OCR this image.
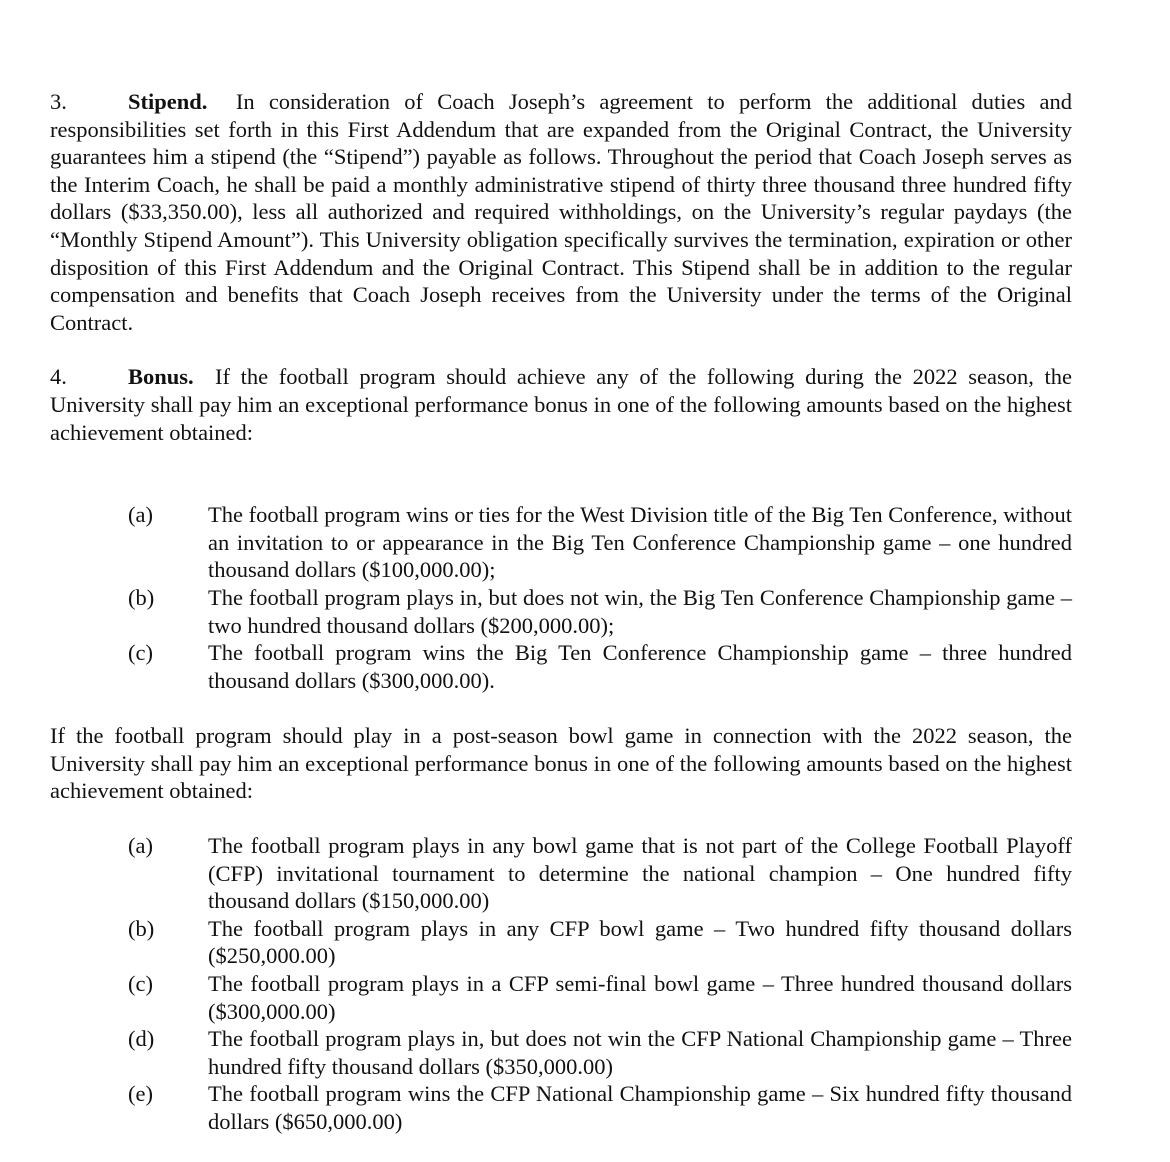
3.	Stipend. In consideration of Coach Joseph’s agreement to perform the additional duties and responsibilities set forth in this First Addendum that are expanded from the Original Contract, the University guarantees him a stipend (the “Stipend”) payable as follows. Throughout the period that Coach Joseph serves as the Interim Coach, he shall be paid a monthly administrative stipend of thirty three thousand three hundred fifty dollars ($33,350.00), less all authorized and required withholdings, on the University’s regular paydays (the “Monthly Stipend Amount”). This University obligation specifically survives the termination, expiration or other disposition of this First Addendum and the Original Contract. This Stipend shall be in addition to the regular compensation and benefits that Coach Joseph receives from the University under the terms of the Original Contract.

4.	Bonus. If the football program should achieve any of the following during the 2022 season, the University shall pay him an exceptional performance bonus in one of the following amounts based on the highest achievement obtained:

(a)	The football program wins or ties for the West Division title of the Big Ten Conference, without an invitation to or appearance in the Big Ten Conference Championship game – one hundred thousand dollars ($100,000.00);
(b)	The football program plays in, but does not win, the Big Ten Conference Championship game – two hundred thousand dollars ($200,000.00);
(c)	The football program wins the Big Ten Conference Championship game – three hundred thousand dollars ($300,000.00).

If the football program should play in a post-season bowl game in connection with the 2022 season, the University shall pay him an exceptional performance bonus in one of the following amounts based on the highest achievement obtained:

(a)	The football program plays in any bowl game that is not part of the College Football Playoff (CFP) invitational tournament to determine the national champion – One hundred fifty thousand dollars ($150,000.00)
(b)	The football program plays in any CFP bowl game – Two hundred fifty thousand dollars ($250,000.00)
(c)	The football program plays in a CFP semi-final bowl game – Three hundred thousand dollars ($300,000.00)
(d)	The football program plays in, but does not win the CFP National Championship game – Three hundred fifty thousand dollars ($350,000.00)
(e)	The football program wins the CFP National Championship game – Six hundred fifty thousand dollars ($650,000.00)
